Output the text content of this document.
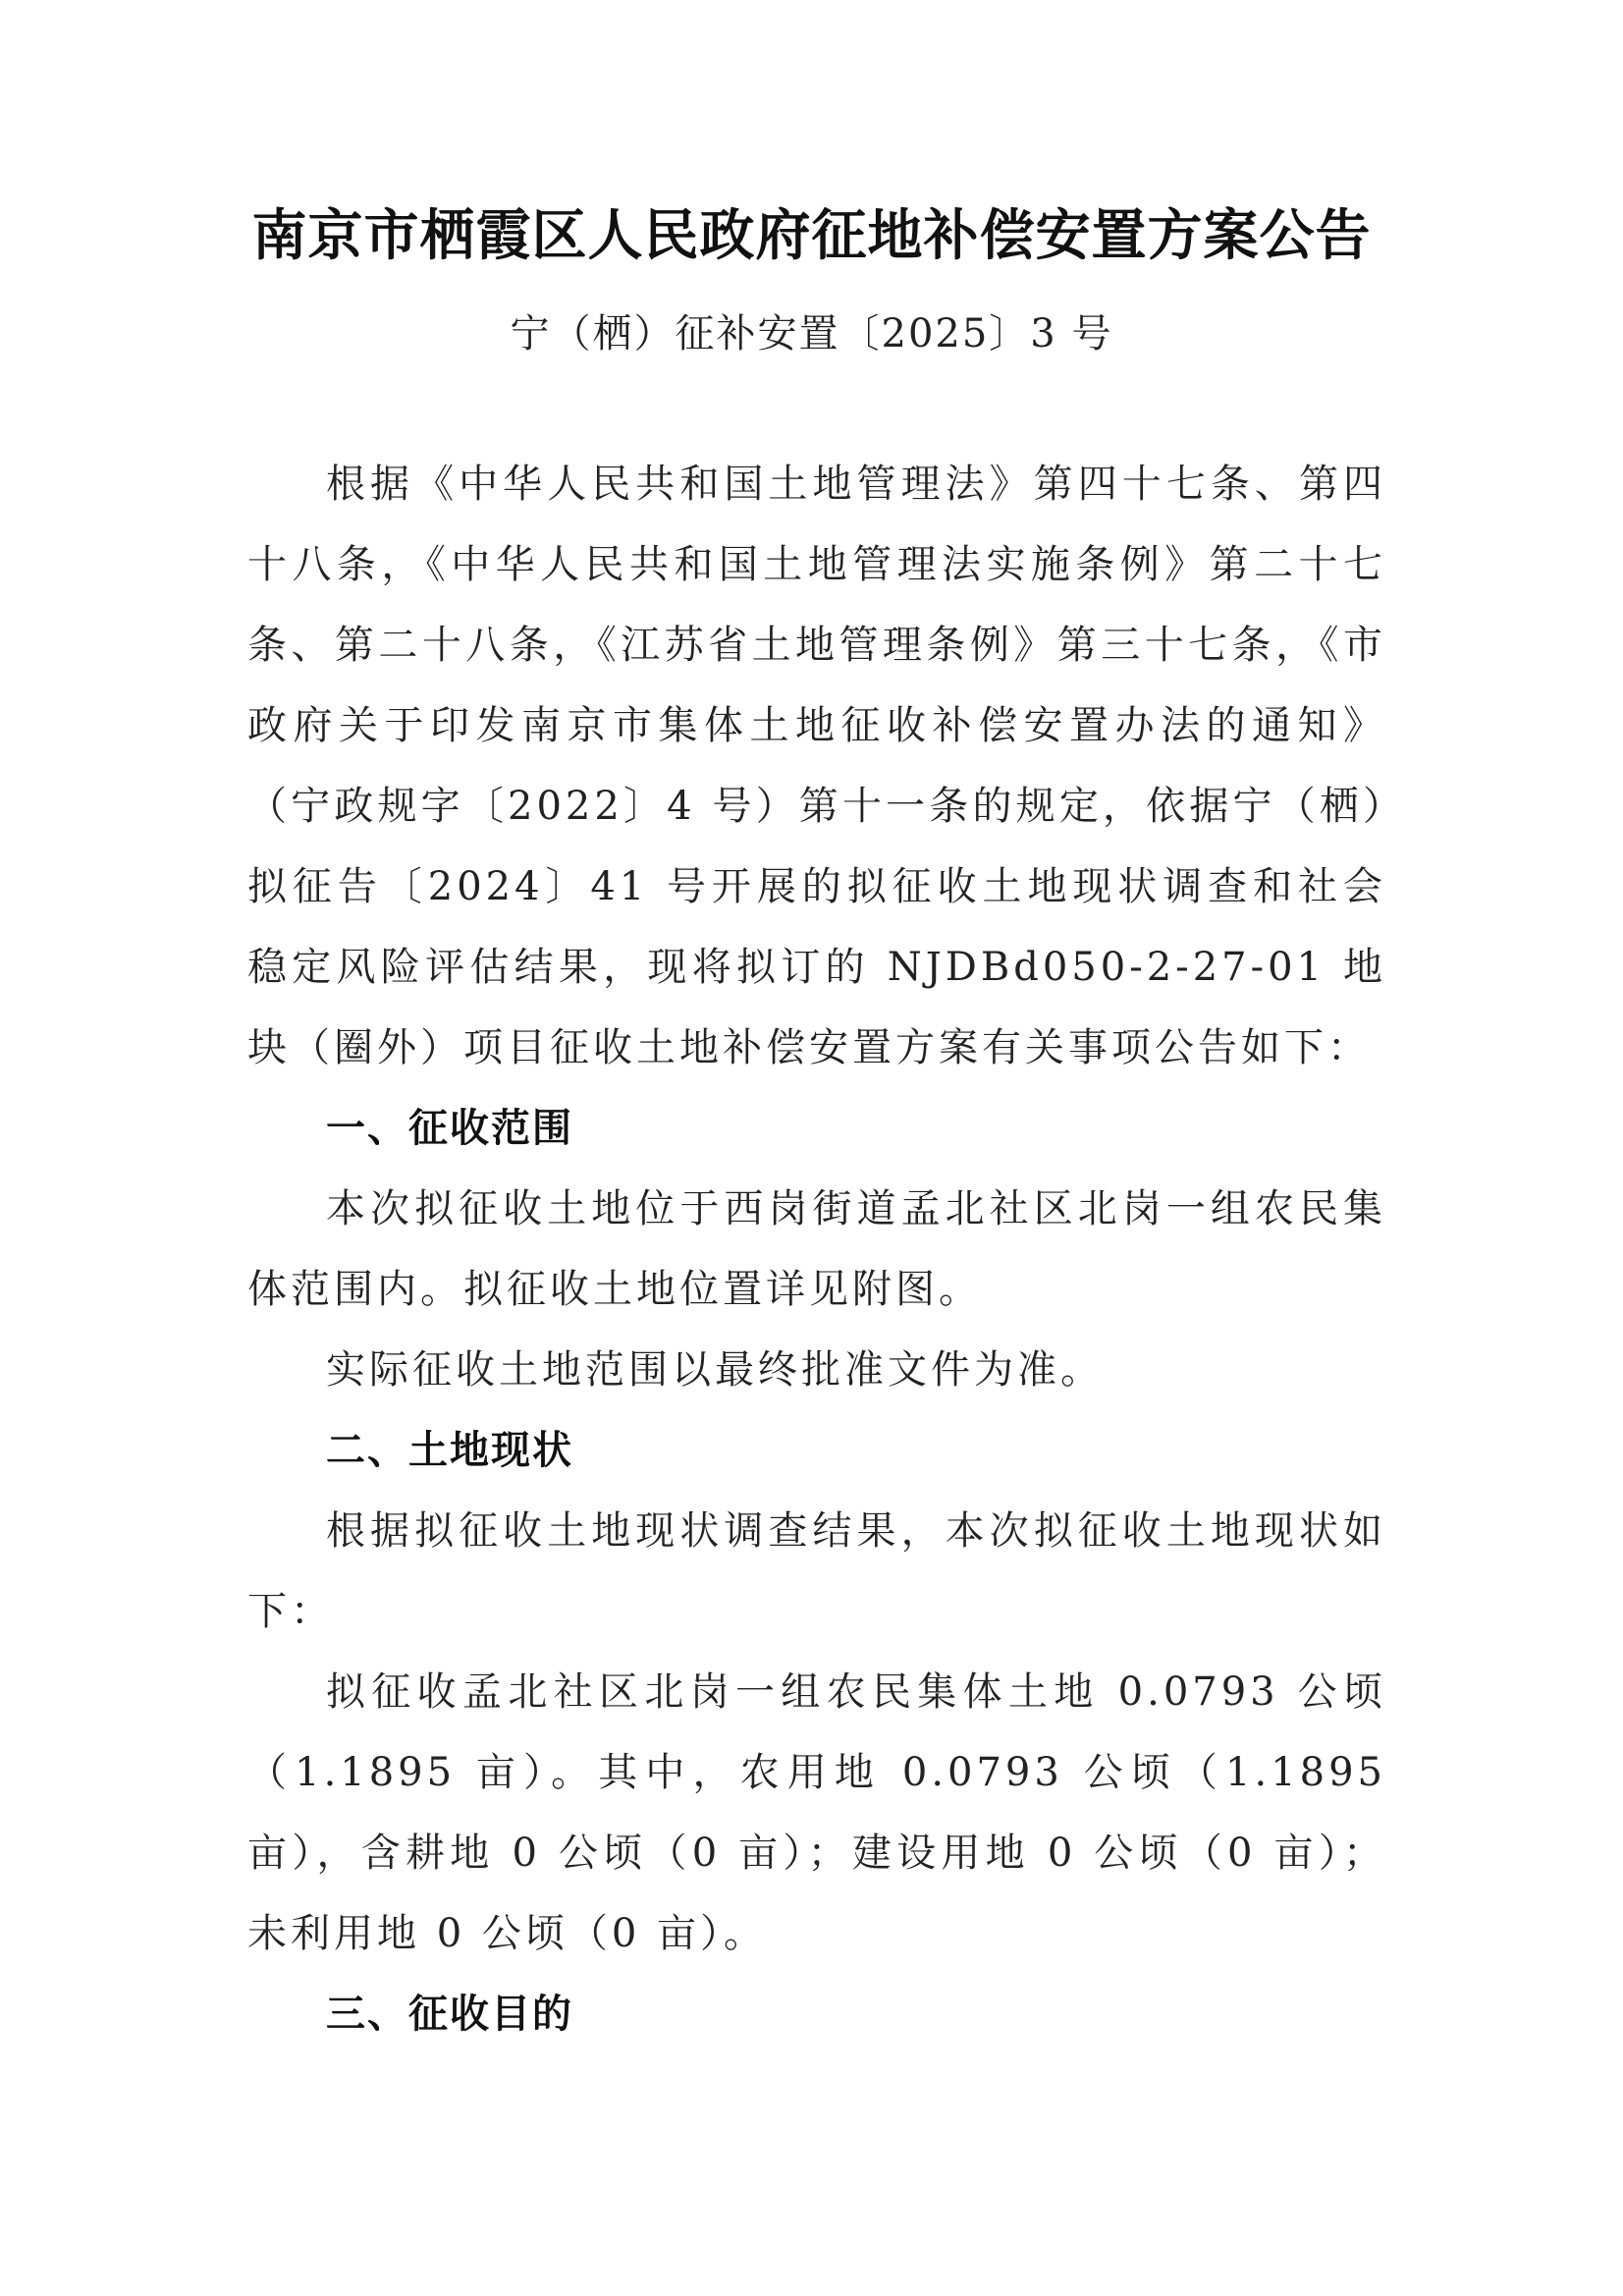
南京市栖霞区人民政府征地补偿安置方案公告
宁（栖）征补安置〔2025〕3 号

根据《中华人民共和国土地管理法》第四十七条、第四十八条，《中华人民共和国土地管理法实施条例》第二十七条、第二十八条，《江苏省土地管理条例》第三十七条，《市政府关于印发南京市集体土地征收补偿安置办法的通知》（宁政规字〔2022〕4 号）第十一条的规定，依据宁（栖）拟征告〔2024〕41 号开展的拟征收土地现状调查和社会稳定风险评估结果，现将拟订的 NJDBd050-2-27-01 地块（圈外）项目征收土地补偿安置方案有关事项公告如下：

一、征收范围

本次拟征收土地位于西岗街道孟北社区北岗一组农民集体范围内。拟征收土地位置详见附图。

实际征收土地范围以最终批准文件为准。

二、土地现状

根据拟征收土地现状调查结果，本次拟征收土地现状如下：

拟征收孟北社区北岗一组农民集体土地 0.0793 公顷（1.1895 亩）。其中，农用地 0.0793 公顷（1.1895 亩），含耕地 0 公顷（0 亩）；建设用地 0 公顷（0 亩）；未利用地 0 公顷（0 亩）。

三、征收目的
